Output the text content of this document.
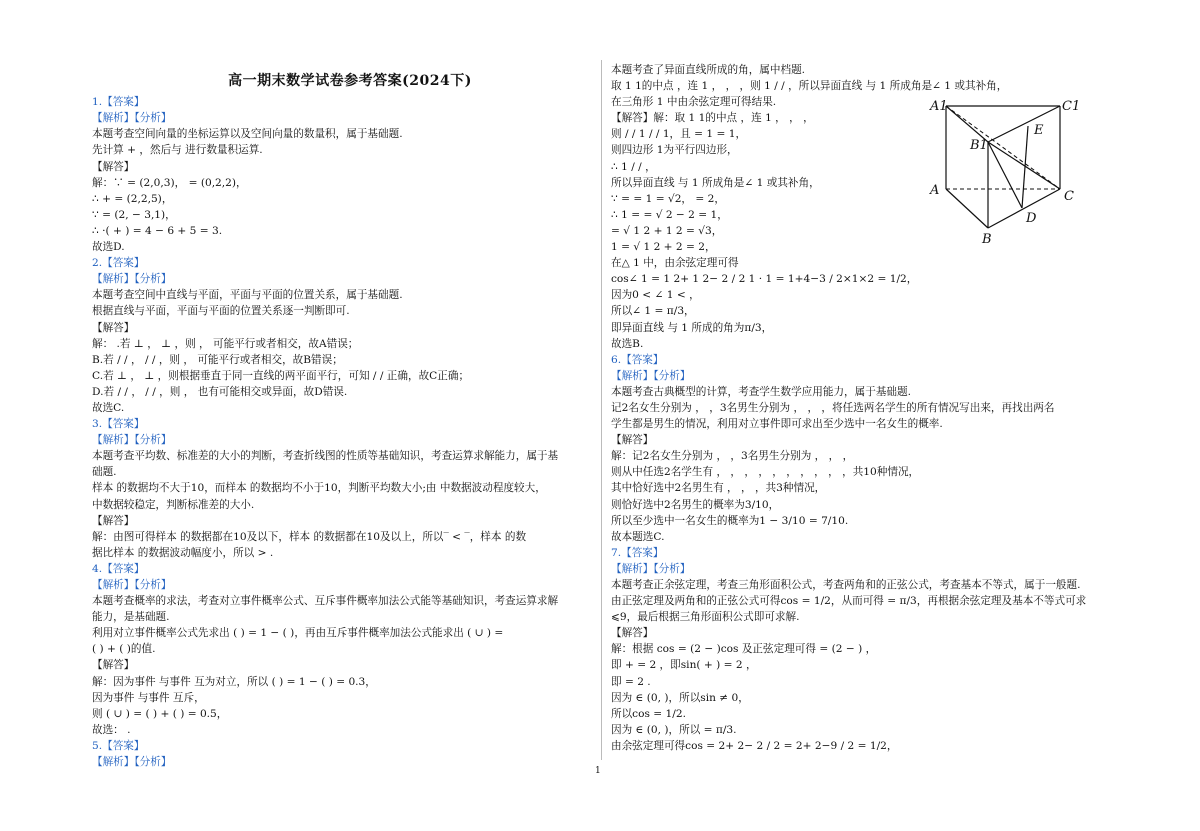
高一期末数学试卷参考答案(2024下)
1.【答案】
【解析】【分析】
本题考查空间向量的坐标运算以及空间向量的数量积，属于基础题.
先计算 + ，然后与 进行数量积运算.
【解答】
解：∵ = (2,0,3)， = (0,2,2)，
∴ + = (2,2,5)，
∵ = (2, − 3,1)，
∴ ·( + ) = 4 − 6 + 5 = 3.
故选D.
2.【答案】
【解析】【分析】
本题考查空间中直线与平面，平面与平面的位置关系，属于基础题.
根据直线与平面，平面与平面的位置关系逐一判断即可.
【解答】
解： .若 ⊥ ， ⊥ ，则 ， 可能平行或者相交，故A错误；
B.若 / / ， / / ，则 ， 可能平行或者相交，故B错误；
C.若 ⊥ ， ⊥ ，则根据垂直于同一直线的两平面平行，可知 / / 正确，故C正确；
D.若 / / ， / / ，则 ， 也有可能相交或异面，故D错误.
故选C.
3.【答案】
【解析】【分析】
本题考查平均数、标准差的大小的判断，考查折线图的性质等基础知识，考查运算求解能力，属于基
础题.
样本 的数据均不大于10，而样本 的数据均不小于10，判断平均数大小;由 中数据波动程度较大，
中数据较稳定，判断标准差的大小.
【解答】
解：由图可得样本 的数据都在10及以下，样本 的数据都在10及以上，所以‾ < ‾，样本 的数
据比样本 的数据波动幅度小，所以 > .
4.【答案】
【解析】【分析】
本题考查概率的求法，考查对立事件概率公式、互斥事件概率加法公式能等基础知识，考查运算求解
能力，是基础题.
利用对立事件概率公式先求出 ( ) = 1 − ( )，再由互斥事件概率加法公式能求出 ( ∪ ) =
( ) + ( )的值.
【解答】
解：因为事件 与事件 互为对立，所以 ( ) = 1 − ( ) = 0.3，
因为事件 与事件 互斥，
则 ( ∪ ) = ( ) + ( ) = 0.5，
故选： .
5.【答案】
【解析】【分析】
本题考查了异面直线所成的角，属中档题.
取 1 1的中点 ，连 1 ， ， ，则 1 / / ，所以异面直线 与 1 所成角是∠ 1 或其补角，
在三角形 1 中由余弦定理可得结果.
【解答】解：取 1 1的中点 ，连 1 ， ， ，
则 / / 1 / / 1，且 = 1 = 1，
则四边形 1为平行四边形，
∴ 1 / / ，
所以异面直线 与 1 所成角是∠ 1 或其补角，
∵ = = 1 = √2， = 2，
∴ 1 = = √ 2 − 2 = 1，
= √ 1 2 + 1 2 = √3，
1 = √ 1 2 + 2 = 2，
在△ 1 中，由余弦定理可得
cos∠ 1 = 1 2+ 1 2− 2 / 2 1 · 1 = 1+4−3 / 2×1×2 = 1/2，
因为0 < ∠ 1 < ，
所以∠ 1 = π/3，
即异面直线 与 1 所成的角为π/3，
故选B.
6.【答案】
【解析】【分析】
本题考查古典概型的计算，考查学生数学应用能力，属于基础题.
记2名女生分别为 ， ，3名男生分别为 ， ， ，将任选两名学生的所有情况写出来，再找出两名
学生都是男生的情况，利用对立事件即可求出至少选中一名女生的概率.
【解答】
解：记2名女生分别为 ， ，3名男生分别为 ， ， ，
则从中任选2名学生有 ， ， ， ， ， ， ， ， ， ，共10种情况，
其中恰好选中2名男生有 ， ， ，共3种情况，
则恰好选中2名男生的概率为3/10，
所以至少选中一名女生的概率为1 − 3/10 = 7/10.
故本题选C.
7.【答案】
【解析】【分析】
本题考查正余弦定理，考查三角形面积公式，考查两角和的正弦公式，考查基本不等式，属于一般题.
由正弦定理及两角和的正弦公式可得cos = 1/2，从而可得 = π/3，再根据余弦定理及基本不等式可求
⩽9，最后根据三角形面积公式即可求解.
【解答】
解：根据 cos = (2 − )cos 及正弦定理可得 = (2 − ) ，
即 + = 2 ，即sin( + ) = 2 ，
即 = 2 .
因为 ∈ (0, )，所以sin ≠ 0，
所以cos = 1/2.
因为 ∈ (0, )，所以 = π/3.
由余弦定理可得cos = 2+ 2− 2 / 2 = 2+ 2−9 / 2 = 1/2，
A1	C1
B1
E
A	C
D
B
1
